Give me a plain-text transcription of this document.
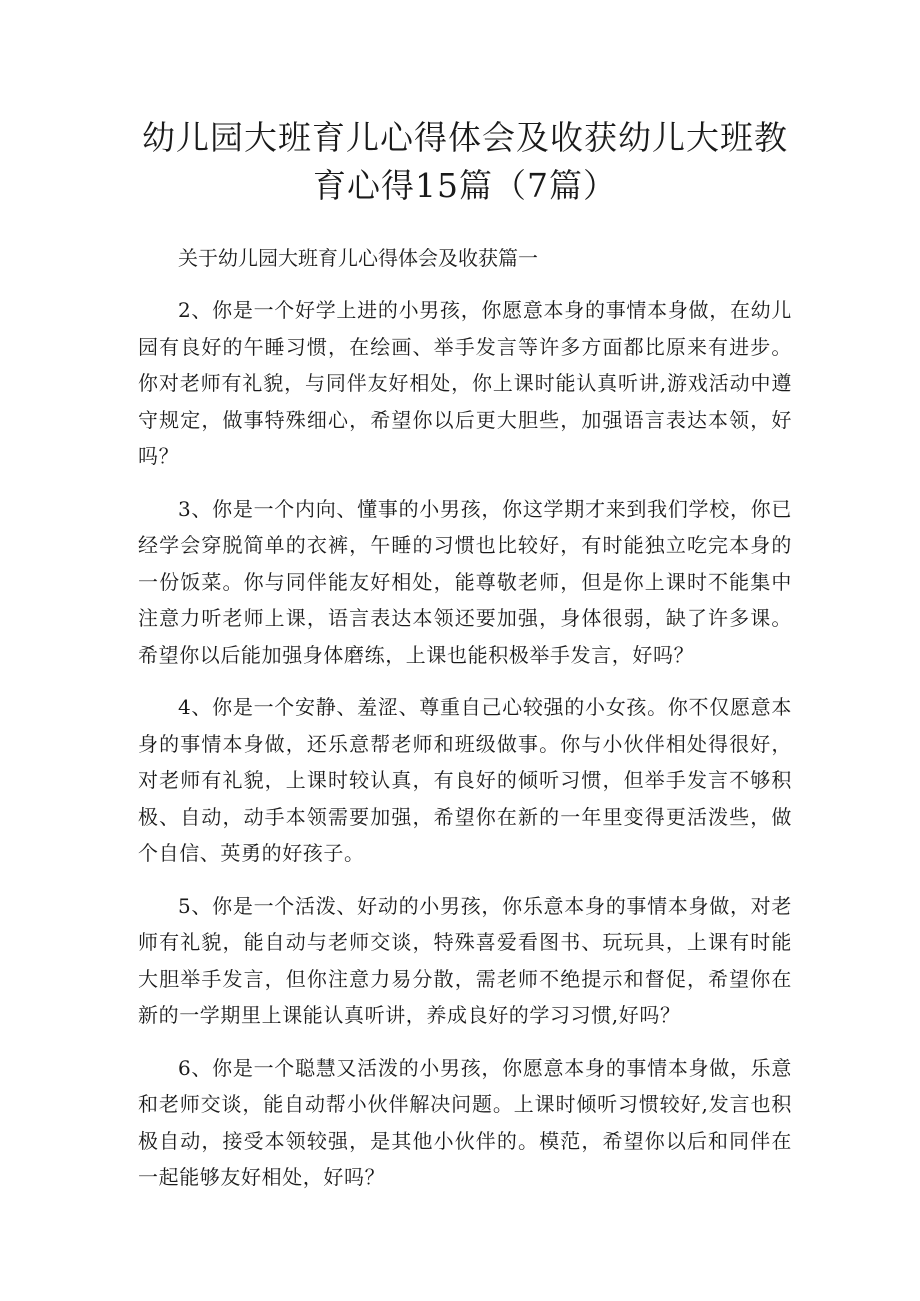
幼儿园大班育儿心得体会及收获幼儿大班教
育心得15篇（7篇）

关于幼儿园大班育儿心得体会及收获篇一

2、你是一个好学上进的小男孩，你愿意本身的事情本身做，在幼儿园有良好的午睡习惯，在绘画、举手发言等许多方面都比原来有进步。你对老师有礼貌，与同伴友好相处，你上课时能认真听讲,游戏活动中遵守规定，做事特殊细心，希望你以后更大胆些，加强语言表达本领，好吗？

3、你是一个内向、懂事的小男孩，你这学期才来到我们学校，你已经学会穿脱简单的衣裤，午睡的习惯也比较好，有时能独立吃完本身的一份饭菜。你与同伴能友好相处，能尊敬老师，但是你上课时不能集中注意力听老师上课，语言表达本领还要加强，身体很弱，缺了许多课。希望你以后能加强身体磨练，上课也能积极举手发言，好吗？

4、你是一个安静、羞涩、尊重自己心较强的小女孩。你不仅愿意本身的事情本身做，还乐意帮老师和班级做事。你与小伙伴相处得很好，对老师有礼貌，上课时较认真，有良好的倾听习惯，但举手发言不够积极、自动，动手本领需要加强，希望你在新的一年里变得更活泼些，做个自信、英勇的好孩子。

5、你是一个活泼、好动的小男孩，你乐意本身的事情本身做，对老师有礼貌，能自动与老师交谈，特殊喜爱看图书、玩玩具，上课有时能大胆举手发言，但你注意力易分散，需老师不绝提示和督促，希望你在新的一学期里上课能认真听讲，养成良好的学习习惯,好吗？

6、你是一个聪慧又活泼的小男孩，你愿意本身的事情本身做，乐意和老师交谈，能自动帮小伙伴解决问题。上课时倾听习惯较好,发言也积极自动，接受本领较强，是其他小伙伴的。模范，希望你以后和同伴在一起能够友好相处，好吗？
